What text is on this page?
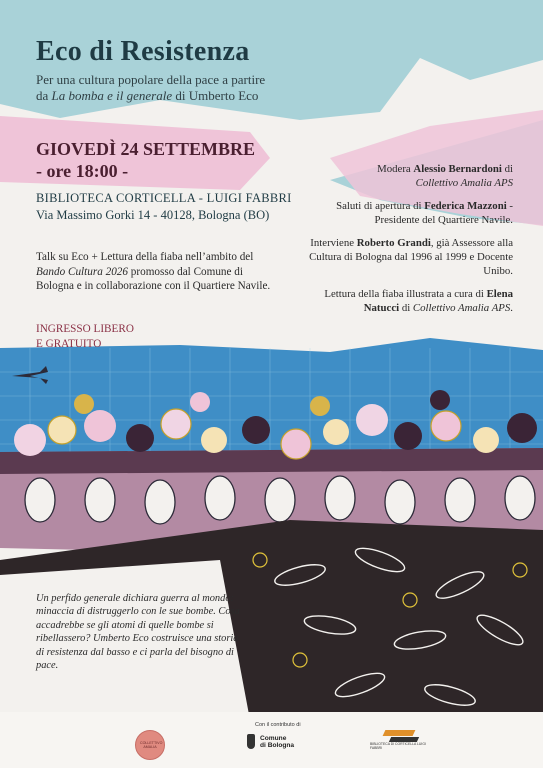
Eco di Resistenza
Per una cultura popolare della pace a partire
da La bomba e il generale di Umberto Eco
GIOVEDÌ 24 SETTEMBRE
- ore 18:00 -
BIBLIOTECA CORTICELLA - LUIGI FABBRI
Via Massimo Gorki 14 - 40128, Bologna (BO)
Talk su Eco + Lettura della fiaba nell’ambito del Bando Cultura 2026 promosso dal Comune di Bologna e in collaborazione con il Quartiere Navile.
INGRESSO LIBERO
E GRATUITO

Modera Alessio Bernardoni di
Collettivo Amalia APS

Saluti di apertura di Federica Mazzoni - Presidente del Quartiere Navile.

Interviene Roberto Grandi, già Assessore alla Cultura di Bologna dal 1996 al 1999 e Docente Unibo.

Lettura della fiaba illustrata a cura di Elena Natucci di Collettivo Amalia APS.

Un perfido generale dichiara guerra al mondo: minaccia di distruggerlo con le sue bombe. Cosa accadrebbe se gli atomi di quelle bombe si ribellassero? Umberto Eco costruisce una storia di resistenza dal basso e ci parla del bisogno di pace.
COLLETTIVO AMALIA
Con il contributo di
Comune
di Bologna	BIBLIOTECA DI CORTICELLA LUIGI FABBRI
